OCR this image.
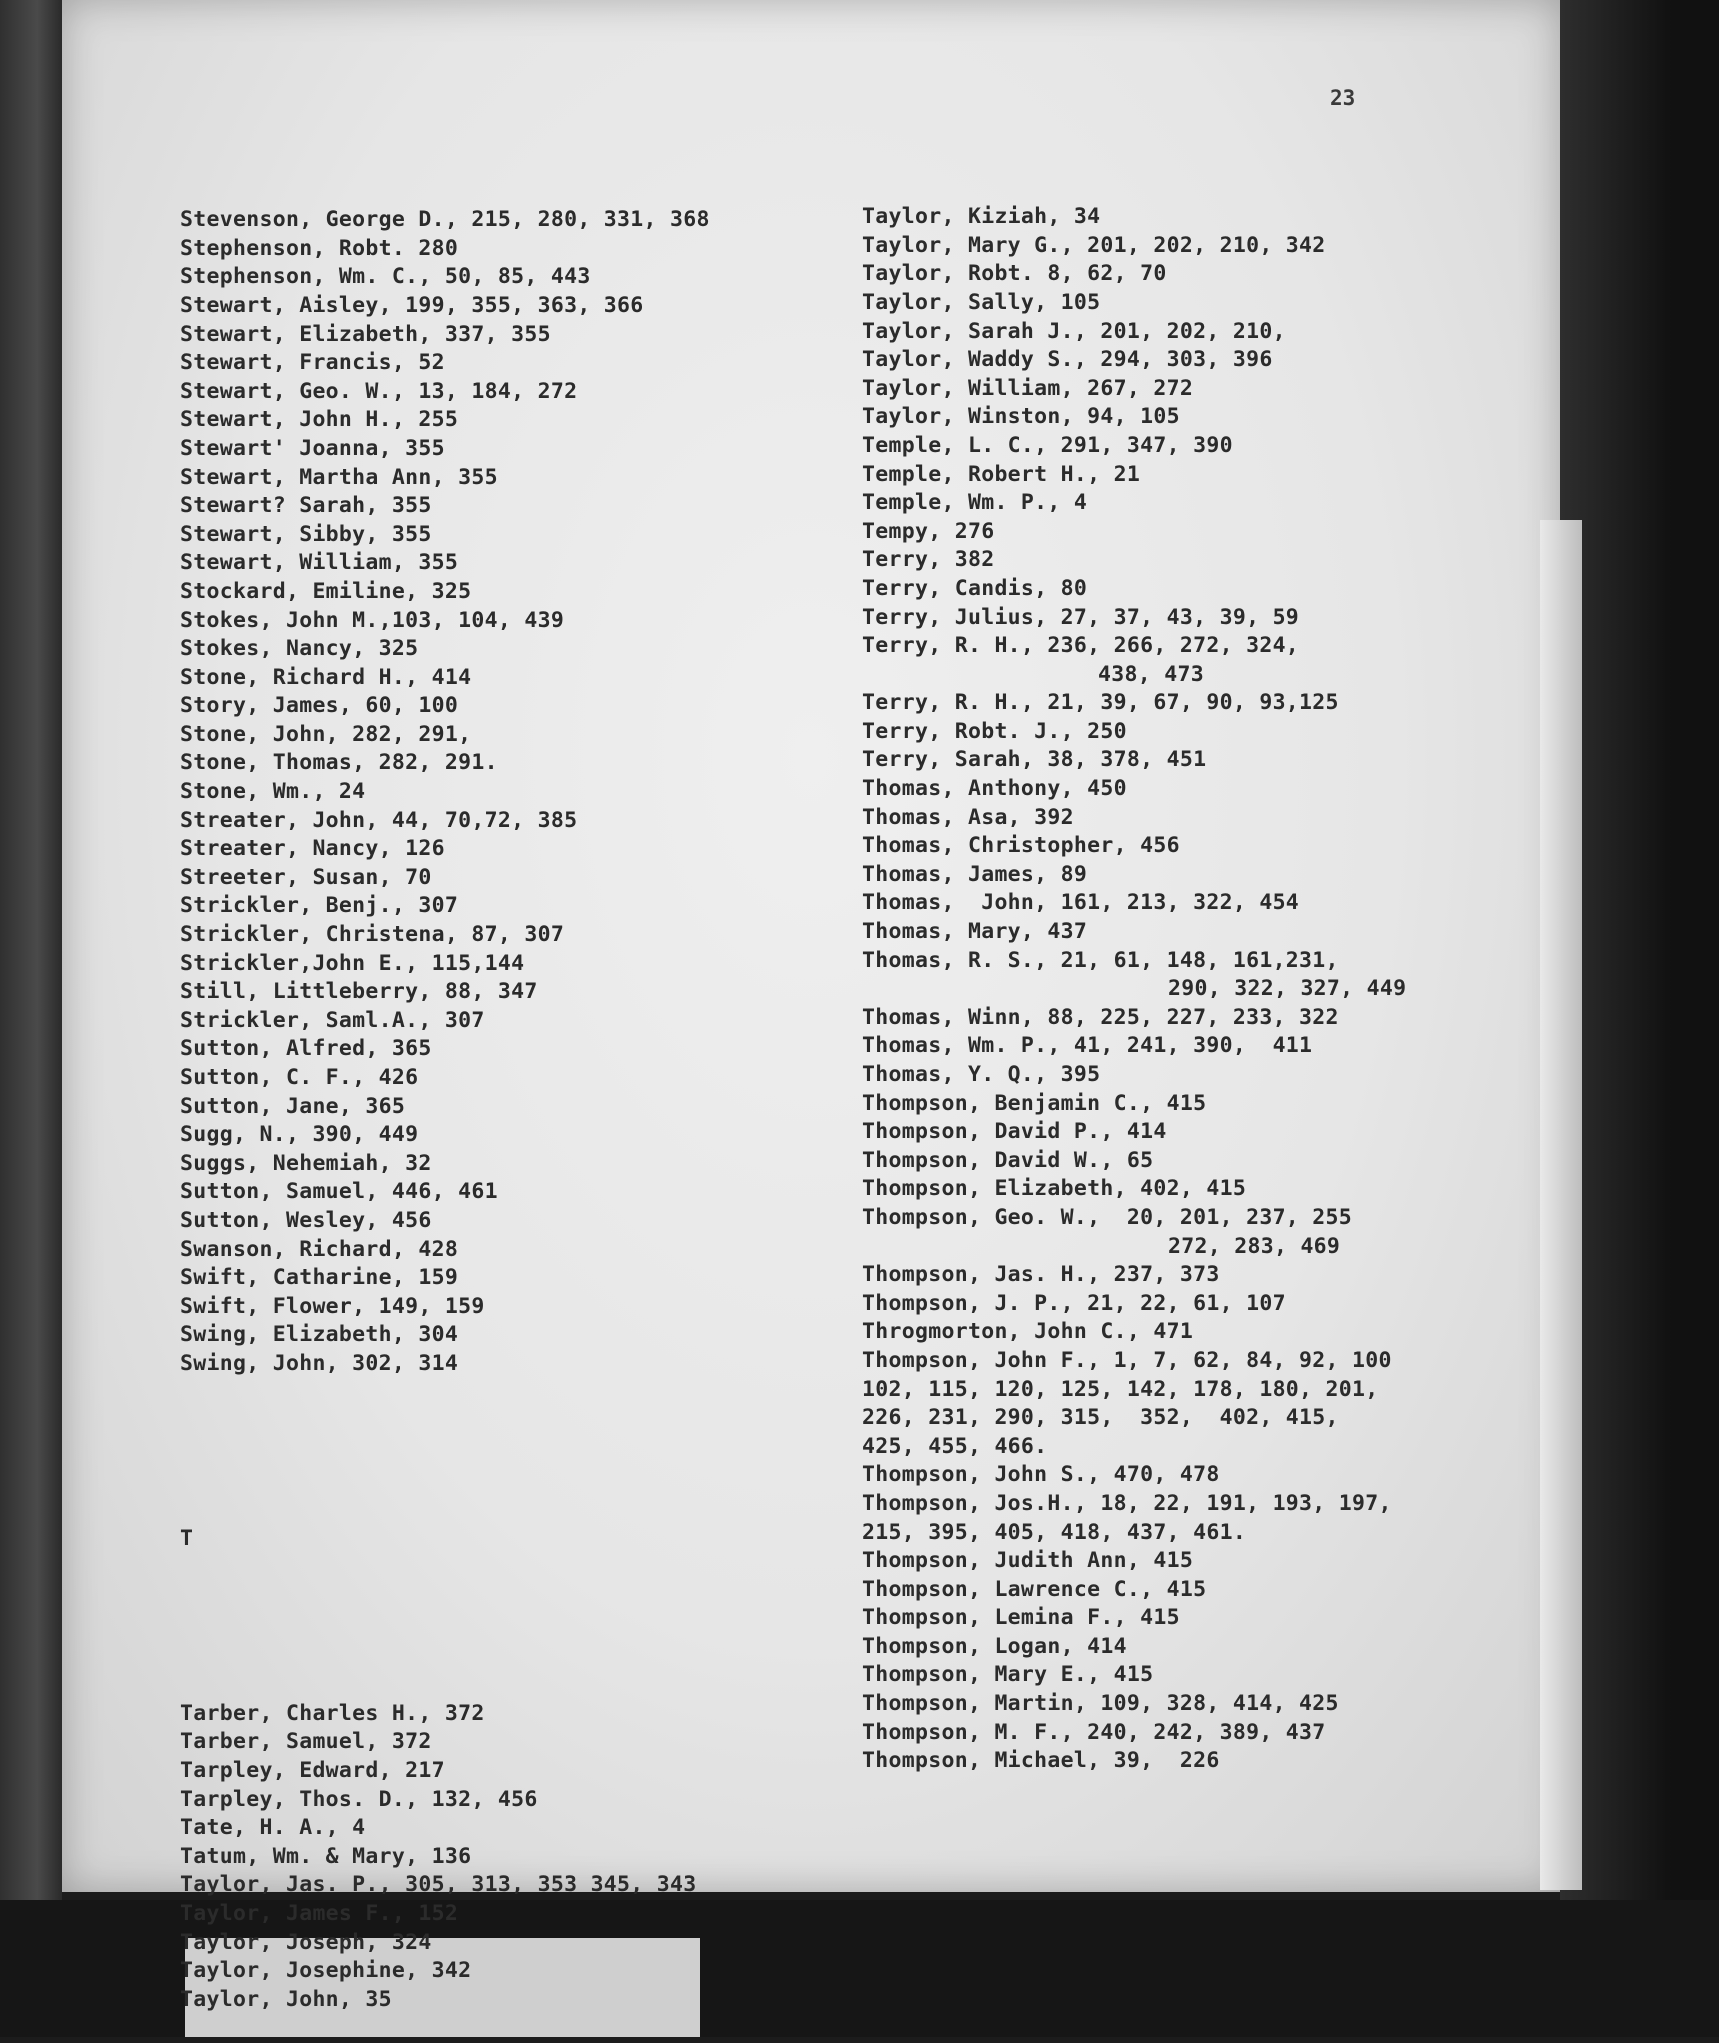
23

Stevenson, George D., 215, 280, 331, 368
Stephenson, Robt. 280
Stephenson, Wm. C., 50, 85, 443
Stewart, Aisley, 199, 355, 363, 366
Stewart, Elizabeth, 337, 355
Stewart, Francis, 52
Stewart, Geo. W., 13, 184, 272
Stewart, John H., 255
Stewart' Joanna, 355
Stewart, Martha Ann, 355
Stewart? Sarah, 355
Stewart, Sibby, 355
Stewart, William, 355
Stockard, Emiline, 325
Stokes, John M.,103, 104, 439
Stokes, Nancy, 325
Stone, Richard H., 414
Story, James, 60, 100
Stone, John, 282, 291,
Stone, Thomas, 282, 291.
Stone, Wm., 24
Streater, John, 44, 70,72, 385
Streater, Nancy, 126
Streeter, Susan, 70
Strickler, Benj., 307
Strickler, Christena, 87, 307
Strickler,John E., 115,144
Still, Littleberry, 88, 347
Strickler, Saml.A., 307
Sutton, Alfred, 365
Sutton, C. F., 426
Sutton, Jane, 365
Sugg, N., 390, 449
Suggs, Nehemiah, 32
Sutton, Samuel, 446, 461
Sutton, Wesley, 456
Swanson, Richard, 428
Swift, Catharine, 159
Swift, Flower, 149, 159
Swing, Elizabeth, 304
Swing, John, 302, 314

T

Tarber, Charles H., 372
Tarber, Samuel, 372
Tarpley, Edward, 217
Tarpley, Thos. D., 132, 456
Tate, H. A., 4
Tatum, Wm. & Mary, 136
Taylor, Jas. P., 305, 313, 353 345, 343
Taylor, James F., 152
Taylor, Joseph, 324
Taylor, Josephine, 342
Taylor, John, 35

Taylor, Kiziah, 34
Taylor, Mary G., 201, 202, 210, 342
Taylor, Robt. 8, 62, 70
Taylor, Sally, 105
Taylor, Sarah J., 201, 202, 210,
Taylor, Waddy S., 294, 303, 396
Taylor, William, 267, 272
Taylor, Winston, 94, 105
Temple, L. C., 291, 347, 390
Temple, Robert H., 21
Temple, Wm. P., 4
Tempy, 276
Terry, 382
Terry, Candis, 80
Terry, Julius, 27, 37, 43, 39, 59
Terry, R. H., 236, 266, 272, 324,
438, 473
Terry, R. H., 21, 39, 67, 90, 93,125
Terry, Robt. J., 250
Terry, Sarah, 38, 378, 451
Thomas, Anthony, 450
Thomas, Asa, 392
Thomas, Christopher, 456
Thomas, James, 89
Thomas,  John, 161, 213, 322, 454
Thomas, Mary, 437
Thomas, R. S., 21, 61, 148, 161,231,
290, 322, 327, 449
Thomas, Winn, 88, 225, 227, 233, 322
Thomas, Wm. P., 41, 241, 390,  411
Thomas, Y. Q., 395
Thompson, Benjamin C., 415
Thompson, David P., 414
Thompson, David W., 65
Thompson, Elizabeth, 402, 415
Thompson, Geo. W.,  20, 201, 237, 255
272, 283, 469
Thompson, Jas. H., 237, 373
Thompson, J. P., 21, 22, 61, 107
Throgmorton, John C., 471
Thompson, John F., 1, 7, 62, 84, 92, 100
102, 115, 120, 125, 142, 178, 180, 201,
226, 231, 290, 315,  352,  402, 415,
425, 455, 466.
Thompson, John S., 470, 478
Thompson, Jos.H., 18, 22, 191, 193, 197,
215, 395, 405, 418, 437, 461.
Thompson, Judith Ann, 415
Thompson, Lawrence C., 415
Thompson, Lemina F., 415
Thompson, Logan, 414
Thompson, Mary E., 415
Thompson, Martin, 109, 328, 414, 425
Thompson, M. F., 240, 242, 389, 437
Thompson, Michael, 39,  226
